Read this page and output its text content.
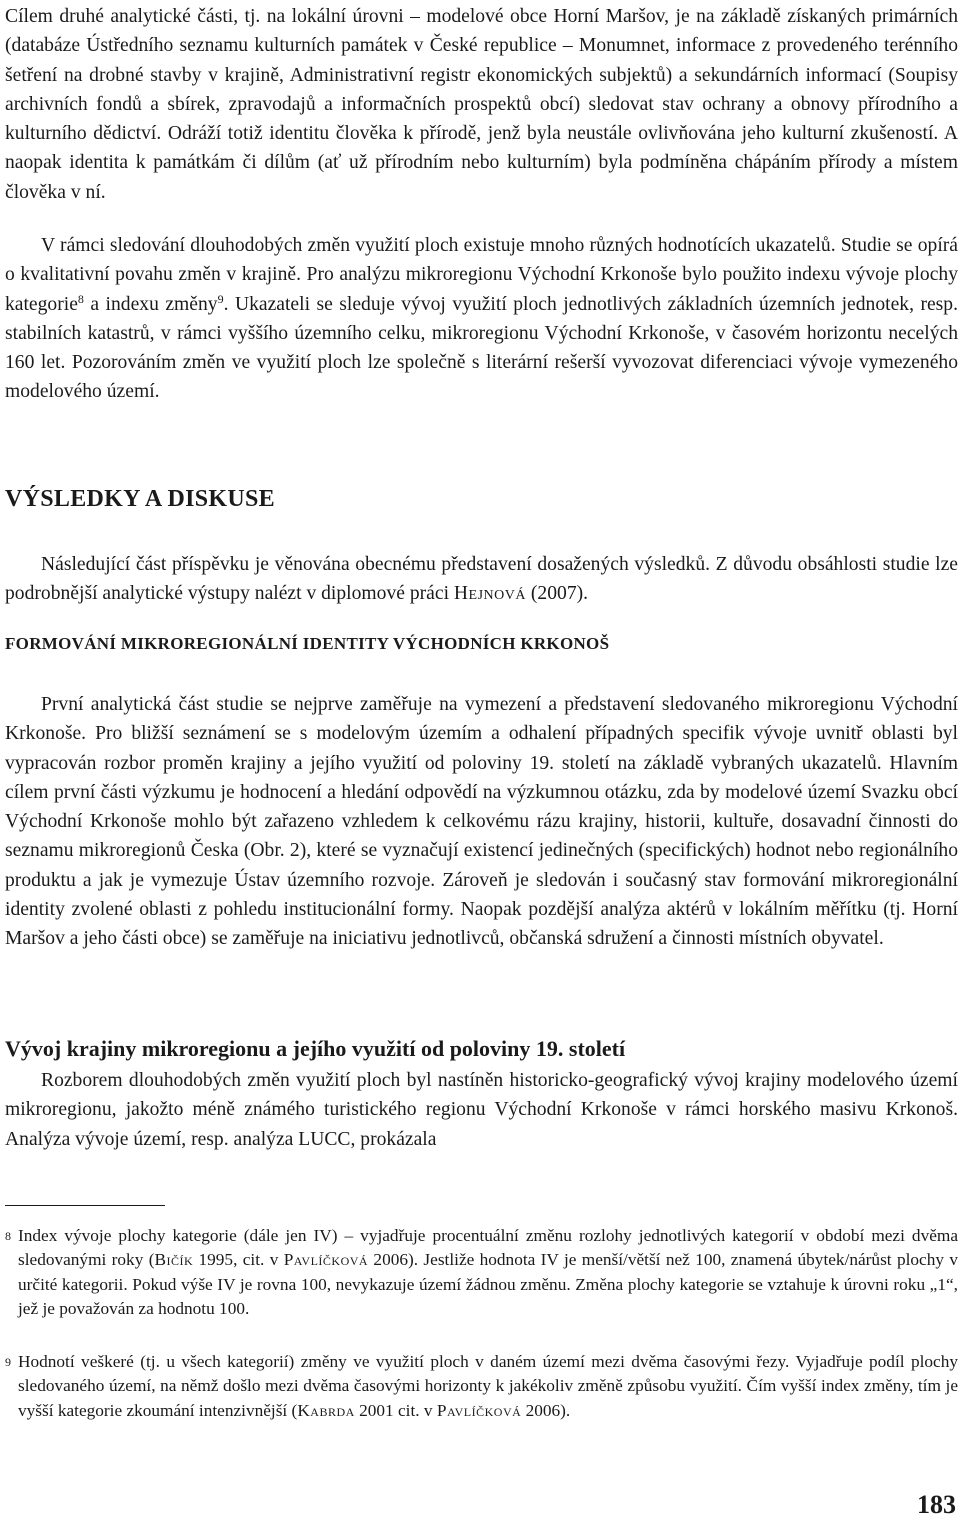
Cílem druhé analytické části, tj. na lokální úrovni – modelové obce Horní Maršov, je na základě získaných primárních (databáze Ústředního seznamu kulturních památek v České republice – Monumnet, informace z provedeného terénního šetření na drobné stavby v krajině, Administrativní registr ekonomických subjektů) a sekundárních informací (Soupisy archivních fondů a sbírek, zpravodajů a informačních prospektů obcí) sledovat stav ochrany a obnovy přírodního a kulturního dědictví. Odráží totiž identitu člověka k přírodě, jenž byla neustále ovlivňována jeho kulturní zkušeností. A naopak identita k památkám či dílům (ať už přírodním nebo kulturním) byla podmíněna chápáním přírody a místem člověka v ní.

V rámci sledování dlouhodobých změn využití ploch existuje mnoho různých hodnotících ukazatelů. Studie se opírá o kvalitativní povahu změn v krajině. Pro analýzu mikroregionu Východní Krkonoše bylo použito indexu vývoje plochy kategorie$^8$ a indexu změny$^9$. Ukazateli se sleduje vývoj využití ploch jednotlivých základních územních jednotek, resp. stabilních katastrů, v rámci vyššího územního celku, mikroregionu Východní Krkonoše, v časovém horizontu necelých 160 let. Pozorováním změn ve využití ploch lze společně s literární rešerší vyvozovat diferenciaci vývoje vymezeného modelového území.

VÝSLEDKY A DISKUSE

Následující část příspěvku je věnována obecnému představení dosažených výsledků. Z důvodu obsáhlosti studie lze podrobnější analytické výstupy nalézt v diplomové práci Hejnová (2007).

FORMOVÁNÍ MIKROREGIONÁLNÍ IDENTITY VÝCHODNÍCH KRKONOŠ

První analytická část studie se nejprve zaměřuje na vymezení a představení sledovaného mikroregionu Východní Krkonoše. Pro bližší seznámení se s modelovým územím a odhalení případných specifik vývoje uvnitř oblasti byl vypracován rozbor proměn krajiny a jejího využití od poloviny 19. století na základě vybraných ukazatelů. Hlavním cílem první části výzkumu je hodnocení a hledání odpovědí na výzkumnou otázku, zda by modelové území Svazku obcí Východní Krkonoše mohlo být zařazeno vzhledem k celkovému rázu krajiny, historii, kultuře, dosavadní činnosti do seznamu mikroregionů Česka (Obr. 2), které se vyznačují existencí jedinečných (specifických) hodnot nebo regionálního produktu a jak je vymezuje Ústav územního rozvoje. Zároveň je sledován i současný stav formování mikroregionální identity zvolené oblasti z pohledu institucionální formy. Naopak pozdější analýza aktérů v lokálním měřítku (tj. Horní Maršov a jeho části obce) se zaměřuje na iniciativu jednotlivců, občanská sdružení a činnosti místních obyvatel.

Vývoj krajiny mikroregionu a jejího využití od poloviny 19. století

Rozborem dlouhodobých změn využití ploch byl nastíněn historicko-geografický vývoj krajiny modelového území mikroregionu, jakožto méně známého turistického regionu Východní Krkonoše v rámci horského masivu Krkonoš. Analýza vývoje území, resp. analýza LUCC, prokázala

8 Index vývoje plochy kategorie (dále jen IV) – vyjadřuje procentuální změnu rozlohy jednotlivých kategorií v období mezi dvěma sledovanými roky (Bičík 1995, cit. v Pavlíčková 2006). Jestliže hodnota IV je menší/větší než 100, znamená úbytek/nárůst plochy v určité kategorii. Pokud výše IV je rovna 100, nevykazuje území žádnou změnu. Změna plochy kategorie se vztahuje k úrovni roku „1“, jež je považován za hodnotu 100.
9 Hodnotí veškeré (tj. u všech kategorií) změny ve využití ploch v daném území mezi dvěma časovými řezy. Vyjadřuje podíl plochy sledovaného území, na němž došlo mezi dvěma časovými horizonty k jakékoliv změně způsobu využití. Čím vyšší index změny, tím je vyšší kategorie zkoumání intenzivnější (Kabrda 2001 cit. v Pavlíčková 2006).
183
